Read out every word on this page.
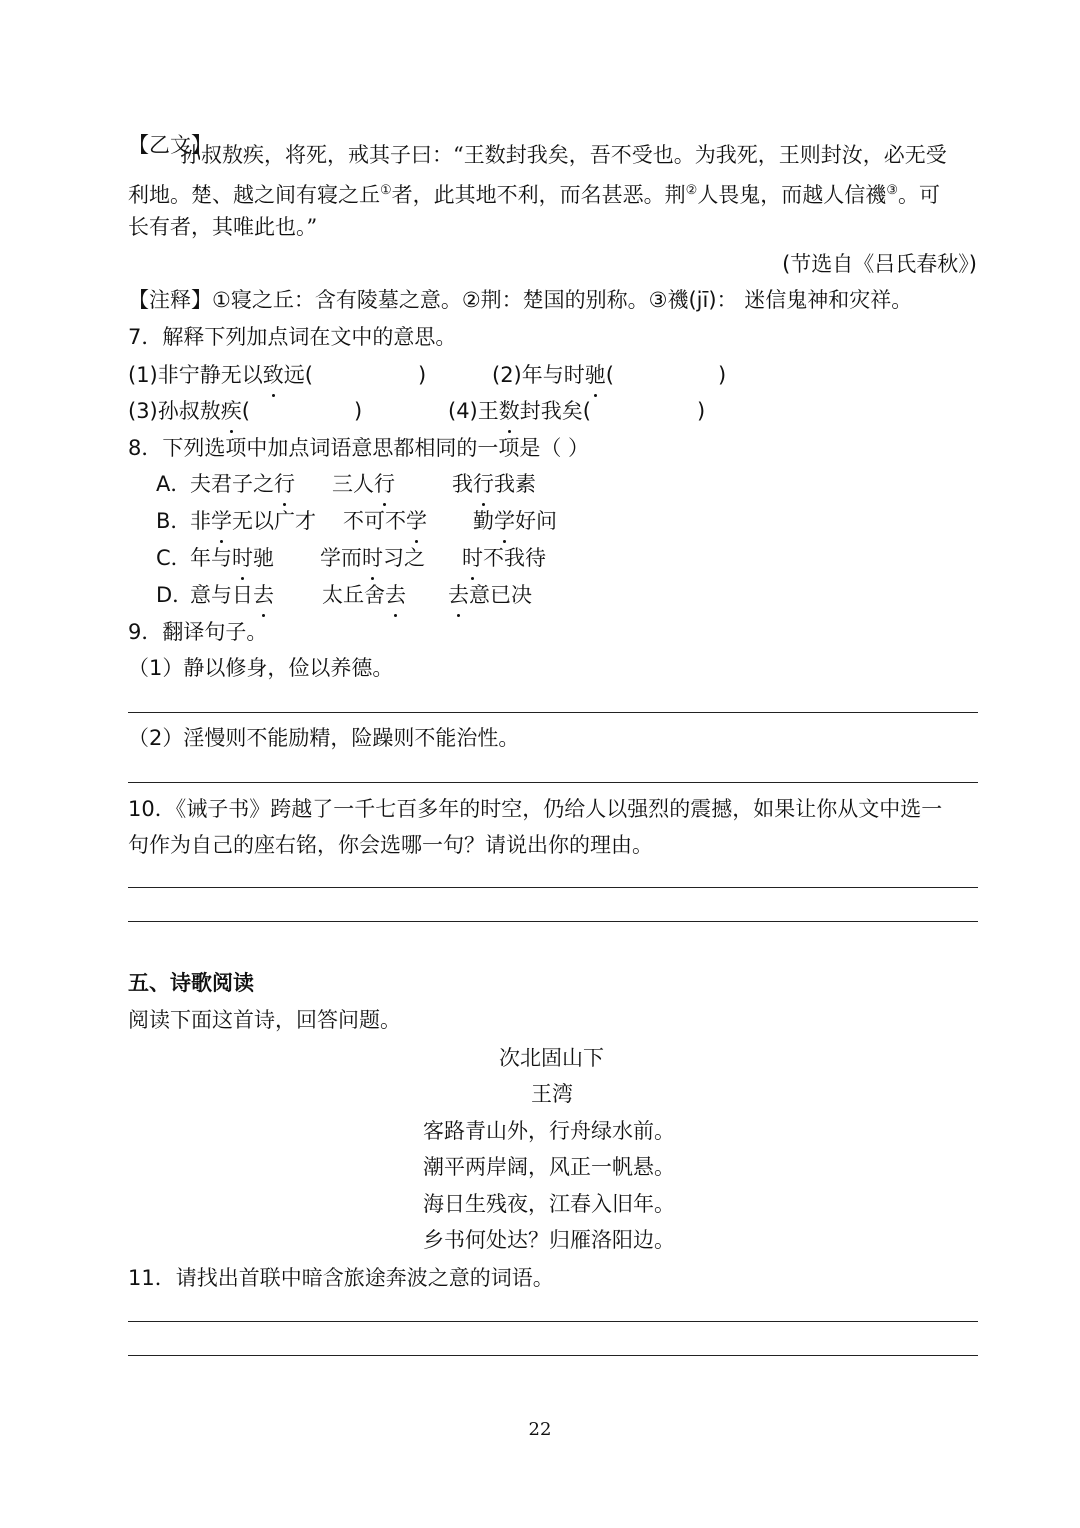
【乙文】
孙叔敖疾，将死，戒其子曰：“王数封我矣，吾不受也。为我死，王则封汝，必无受
利地。楚、越之间有寝之丘①者，此其地不利，而名甚恶。荆②人畏鬼，而越人信禨③。可
长有者，其唯此也。”
(节选自《吕氏春秋》)
【注释】①寝之丘：含有陵墓之意。②荆：楚国的别称。③禨(jī)： 迷信鬼神和灾祥。
7．解释下列加点词在文中的意思。
(1)非宁静无以致远(	)	(2)年与时驰(	)
(3)孙叔敖疾(	)	(4)王数封我矣(	)
8．下列选项中加点词语意思都相同的一项是（ ）
A．夫君子之行 三人行	我行我素
B．非学无以广才 不可不学 勤学好问
C．年与时驰 学而时习之 时不我待
D．意与日去 太丘舍去 去意已决
9．翻译句子。
（1）静以修身，俭以养德。
（2）淫慢则不能励精，险躁则不能治性。
10．《诫子书》跨越了一千七百多年的时空，仍给人以强烈的震撼，如果让你从文中选一
句作为自己的座右铭，你会选哪一句？请说出你的理由。
五、诗歌阅读
阅读下面这首诗，回答问题。
次北固山下
王湾
客路青山外，行舟绿水前。
潮平两岸阔，风正一帆悬。
海日生残夜，江春入旧年。
乡书何处达？归雁洛阳边。
11．请找出首联中暗含旅途奔波之意的词语。
22
